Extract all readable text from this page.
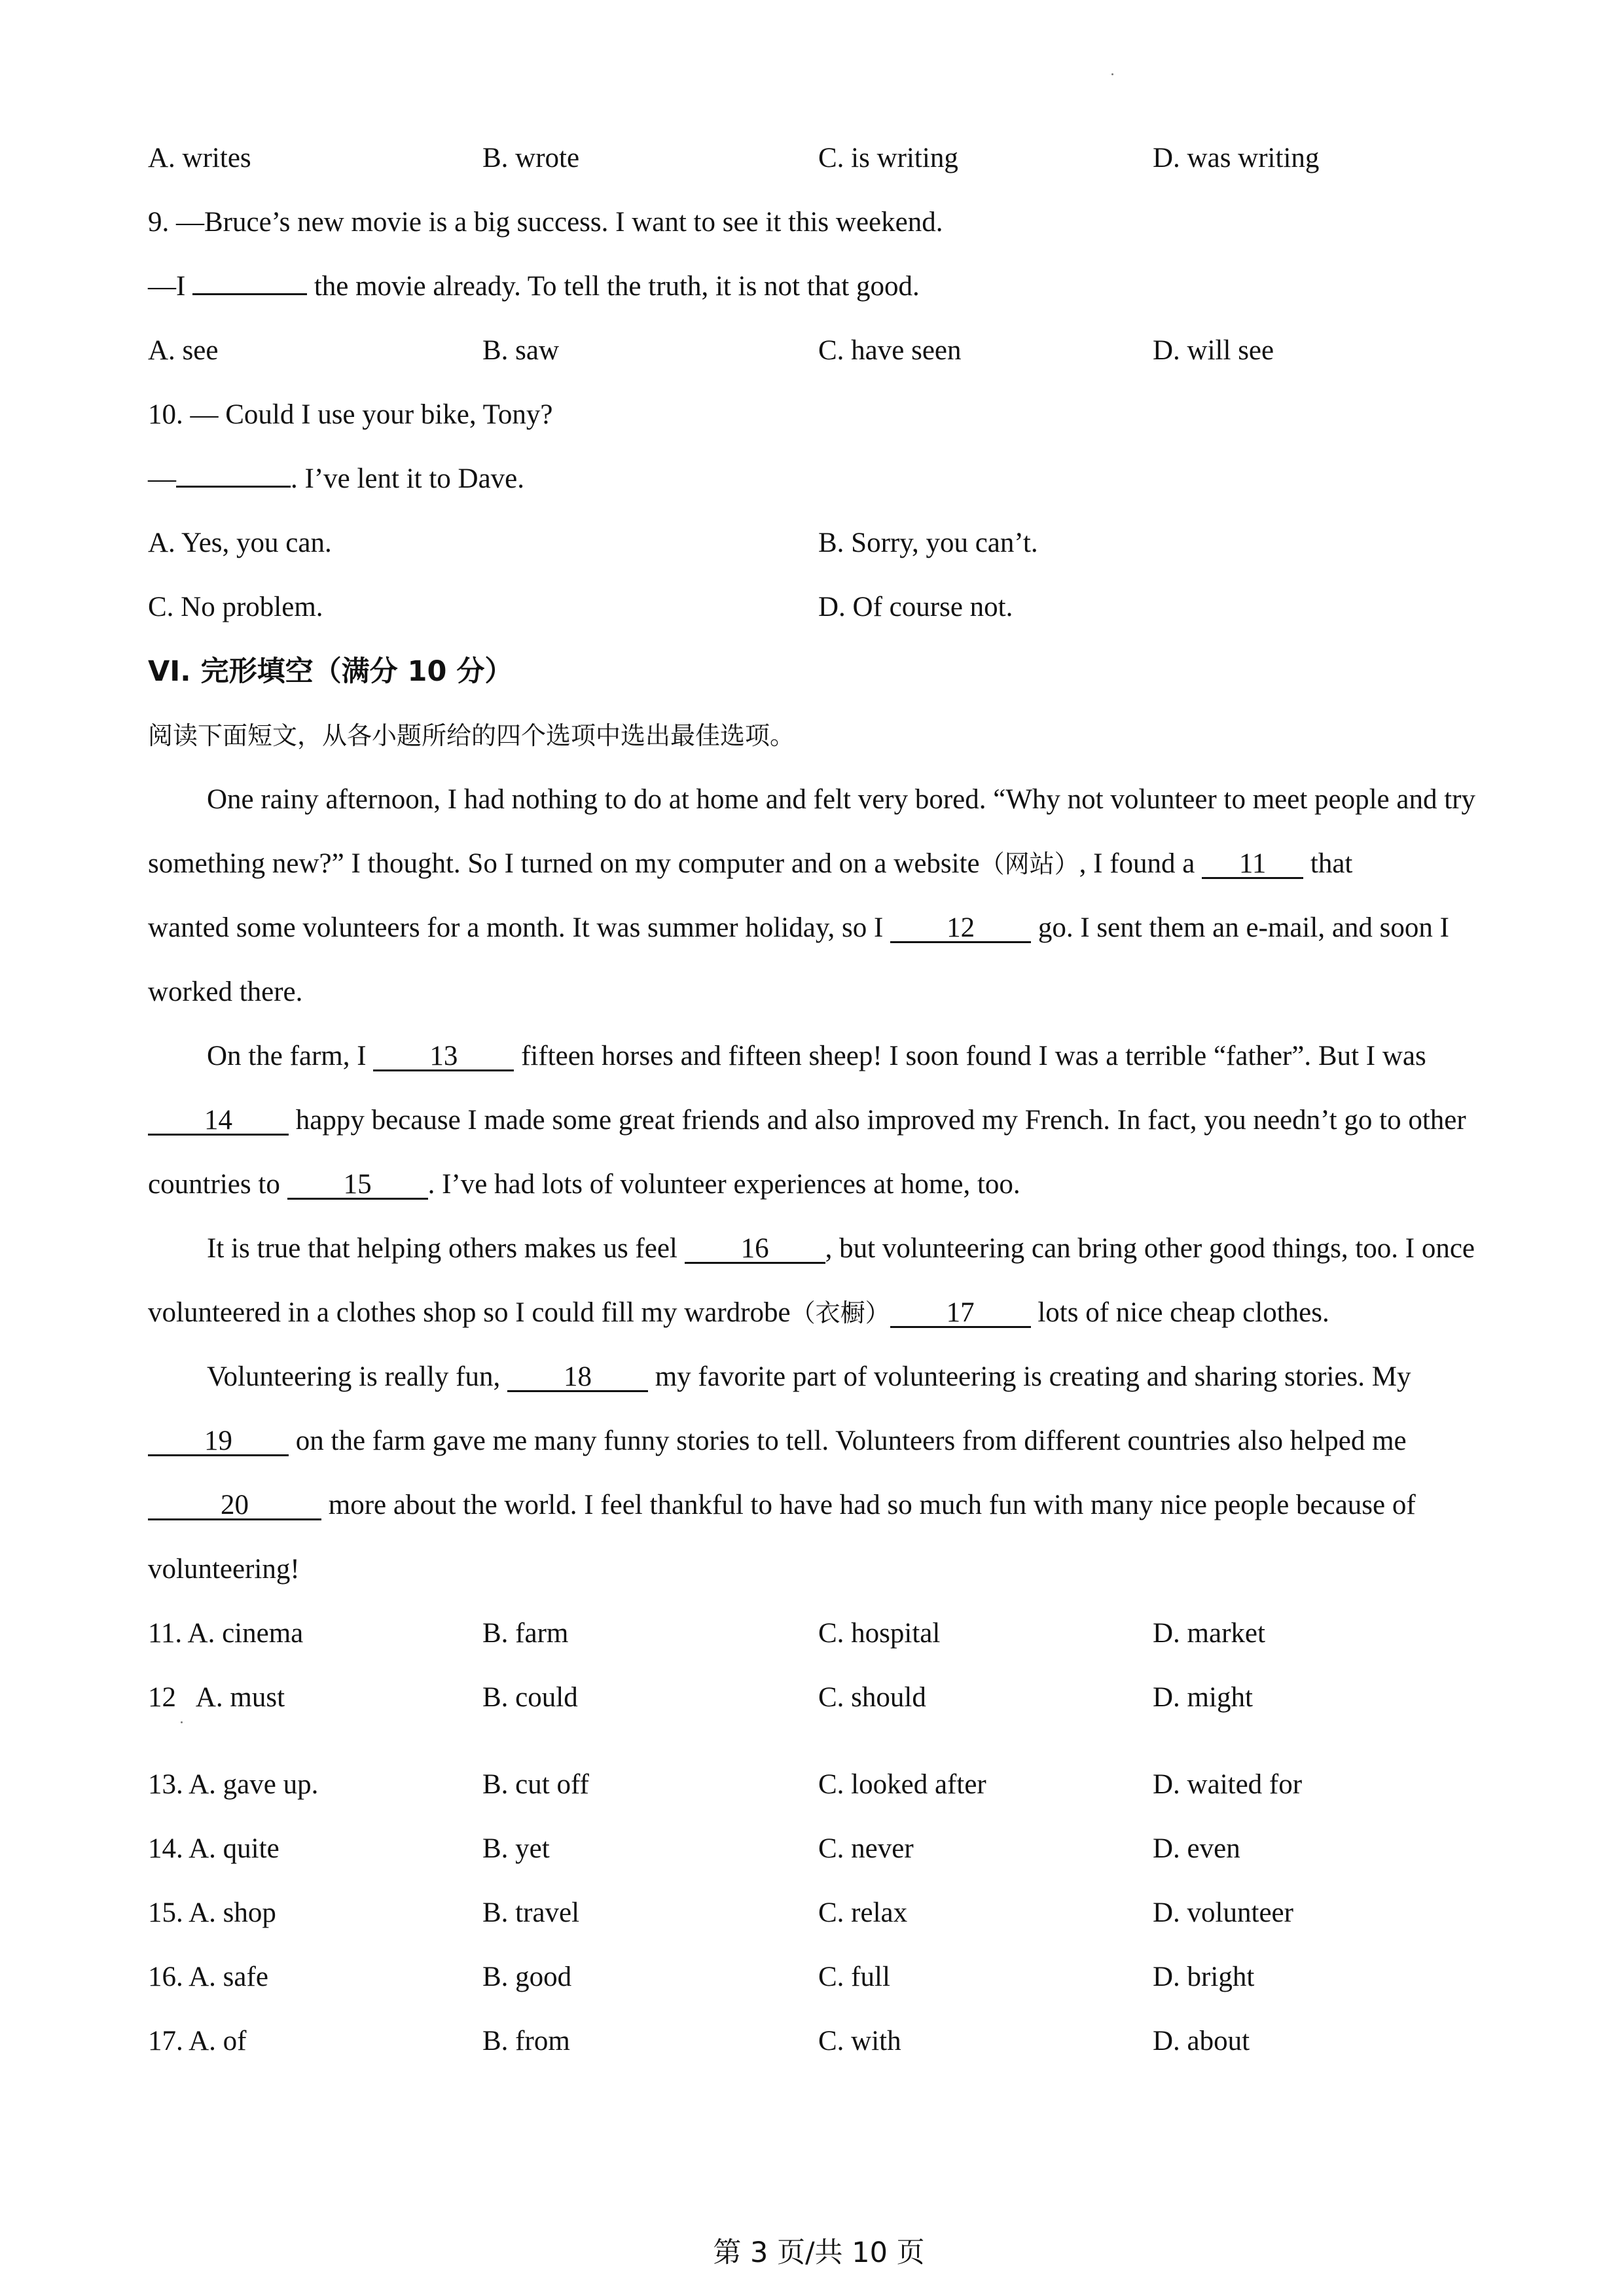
A. writes	B. wrote	C. is writing	D. was writing
9. —Bruce’s new movie is a big success. I want to see it this weekend.
—I	the movie already. To tell the truth, it is not that good.
A. see	B. saw	C. have seen	D. will see
10. — Could I use your bike, Tony?
—	. I’ve lent it to Dave.
A. Yes, you can.	B. Sorry, you can’t.
C. No problem.	D. Of course not.
VI. 完形填空（满分 10 分）
阅读下面短文，从各小题所给的四个选项中选出最佳选项。
One rainy afternoon, I had nothing to do at home and felt very bored. “Why not volunteer to meet people and try
something new?” I thought. So I turned on my computer and on a website（网站）, I found a 11 that
wanted some volunteers for a month. It was summer holiday, so I 12 go. I sent them an e-mail, and soon I
worked there.
On the farm, I 13 fifteen horses and fifteen sheep! I soon found I was a terrible “father”. But I was
14 happy because I made some great friends and also improved my French. In fact, you needn’t go to other
countries to 15 . I’ve had lots of volunteer experiences at home, too.
It is true that helping others makes us feel 16 , but volunteering can bring other good things, too. I once
volunteered in a clothes shop so I could fill my wardrobe（衣橱） 17 lots of nice cheap clothes.
Volunteering is really fun, 18 my favorite part of volunteering is creating and sharing stories. My
19 on the farm gave me many funny stories to tell. Volunteers from different countries also helped me
20	more about the world. I feel thankful to have had so much fun with many nice people because of
volunteering!
11. A. cinema	B. farm	C. hospital	D. market
12   A. must	B. could	C. should	D. might
13. A. gave up.	B. cut off	C. looked after	D. waited for
14. A. quite	B. yet	C. never	D. even
15. A. shop	B. travel	C. relax	D. volunteer
16. A. safe	B. good	C. full	D. bright
17. A. of	B. from	C. with	D. about
第 3 页/共 10 页
